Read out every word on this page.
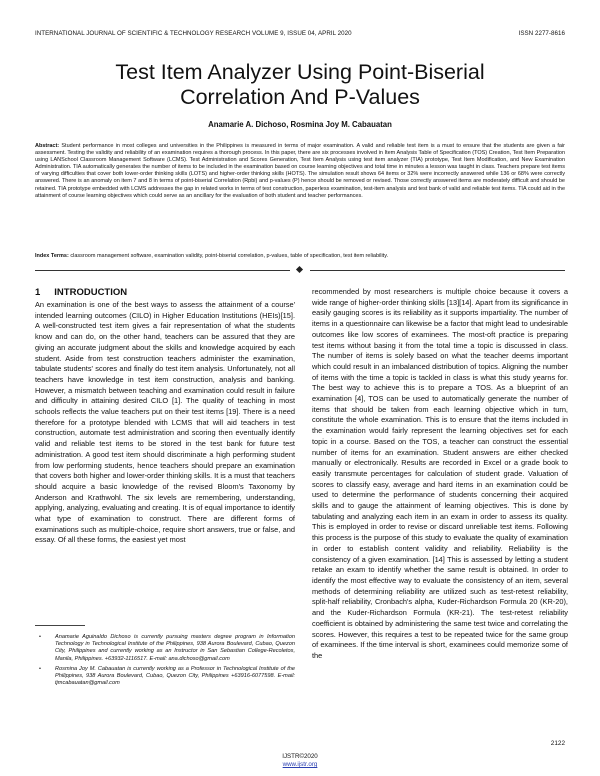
INTERNATIONAL JOURNAL OF SCIENTIFIC & TECHNOLOGY RESEARCH VOLUME 9, ISSUE 04, APRIL 2020	ISSN 2277-8616
Test Item Analyzer Using Point-Biserial
Correlation And P-Values
Anamarie A. Dichoso, Rosmina Joy M. Cabauatan
Abstract: Student performance in most colleges and universities in the Philippines is measured in terms of major examination. A valid and reliable test item is a must to ensure that the students are given a fair assessment. Testing the validity and reliability of an examination requires a thorough process. In this paper, there are six processes involved in Item Analysis Table of Specification (TOS) Creation, Test Item Preparation using LANSchool Classroom Management Software (LCMS). Test Administration and Scores Generation, Test Item Analysis using test item analyzer (TIA) prototype, Test Item Modification, and New Examination Administration. TIA automatically generates the number of items to be included in the examination based on course learning objectives and total time in minutes a lesson was taught in class. Teachers prepare test items of varying difficulties that cover both lower-order thinking skills (LOTS) and higher-order thinking skills (HOTS). The simulation result shows 64 items or 32% were incorrectly answered while 136 or 68% were correctly answered. There is an anomaly on item 7 and 8 in terms of point-biserial Correlation (Rpbi) and p-values (P) hence should be removed or revised. Those correctly answered items are moderately difficult and should be retained. TIA prototype embedded with LCMS addresses the gap in related works in terms of test construction, paperless examination, test-item analysis and test bank of valid and reliable test items. TIA could aid in the attainment of course learning objectives which could serve as an ancillary for the evaluation of both student and teacher performances.
Index Terms: classroom management software, examination validity, point-biserial correlation, p-values, table of specification, test item reliability.
1 INTRODUCTION

An examination is one of the best ways to assess the attainment of a course' intended learning outcomes (CILO) in Higher Education Institutions (HEIs)[15]. A well-constructed test item gives a fair representation of what the students know and can do, on the other hand, teachers can be assured that they are giving an accurate judgment about the skills and knowledge acquired by each student. Aside from test construction teachers administer the examination, tabulate students' scores and finally do test item analysis. Unfortunately, not all teachers have knowledge in test item construction, analysis and banking. However, a mismatch between teaching and examination could result in failure and difficulty in attaining desired CILO [1]. The quality of teaching in most schools reflects the value teachers put on their test items [19]. There is a need therefore for a prototype blended with LCMS that will aid teachers in test construction, automate test administration and scoring then eventually identify valid and reliable test items to be stored in the test bank for future test administration. A good test item should discriminate a high performing student from low performing students, hence teachers should prepare an examination that covers both higher and lower-order thinking skills. It is a must that teachers should acquire a basic knowledge of the revised Bloom's Taxonomy by Anderson and Krathwohl. The six levels are remembering, understanding, applying, analyzing, evaluating and creating. It is of equal importance to identify what type of examination to construct. There are different forms of examinations such as multiple-choice, require short answers, true or false, and essay. Of all these forms, the easiest yet most

recommended by most researchers is multiple choice because it covers a wide range of higher-order thinking skills [13][14]. Apart from its significance in easily gauging scores is its reliability as it supports impartiality. The number of items in a questionnaire can likewise be a factor that might lead to undesirable outcomes like low scores of examinees. The most-oft practice is preparing test items without basing it from the total time a topic is discussed in class. The number of items is solely based on what the teacher deems important which could result in an imbalanced distribution of topics. Aligning the number of items with the time a topic is tackled in class is what this study yearns for. The best way to achieve this is to prepare a TOS. As a blueprint of an examination [4], TOS can be used to automatically generate the number of items that should be taken from each learning objective which in turn, constitute the whole examination. This is to ensure that the items included in the examination would fairly represent the learning objectives set for each topic in a course. Based on the TOS, a teacher can construct the essential number of items for an examination. Student answers are either checked manually or electronically. Results are recorded in Excel or a grade book to easily transmute percentages for calculation of student grade. Valuation of scores to classify easy, average and hard items in an examination could be used to determine the performance of students concerning their acquired skills and to gauge the attainment of learning objectives. This is done by tabulating and analyzing each item in an exam in order to assess its quality. This is employed in order to revise or discard unreliable test items. Following this process is the purpose of this study to evaluate the quality of examination in order to establish content validity and reliability. Reliability is the consistency of a given examination. [14] This is assessed by letting a student retake an exam to identify whether the same result is obtained. In order to identify the most effective way to evaluate the consistency of an item, several methods of determining reliability are utilized such as test-retest reliability, split-half reliability, Cronbach's alpha, Kuder-Richardson Formula 20 (KR-20), and the Kuder-Richardson Formula (KR-21). The test-retest reliability coefficient is obtained by administering the same test twice and correlating the scores. However, this requires a test to be repeated twice for the same group of examinees. If the time interval is short, examinees could memorize some of the

• Anamarie Aguinaldo Dichoso is currently pursuing masters degree program in Information Technology in Technological Institute of the Philippines, 938 Aurora Boulevard, Cubao, Quezon City, Philippines and currently working as an Instructor in San Sebastian College-Recoletos, Manila, Philippines. +63932-1116517. E-mail: ana.dichoso@gmail.com
• Rosmina Joy M. Cabauatan is currently working as a Professor in Technological Institute of the Philippines, 938 Aurora Boulevard, Cubao, Quezon City, Philippines +63916-6077598. E-mail: tjmcabauatan@gmail.com
2122
IJSTR©2020
www.ijstr.org
